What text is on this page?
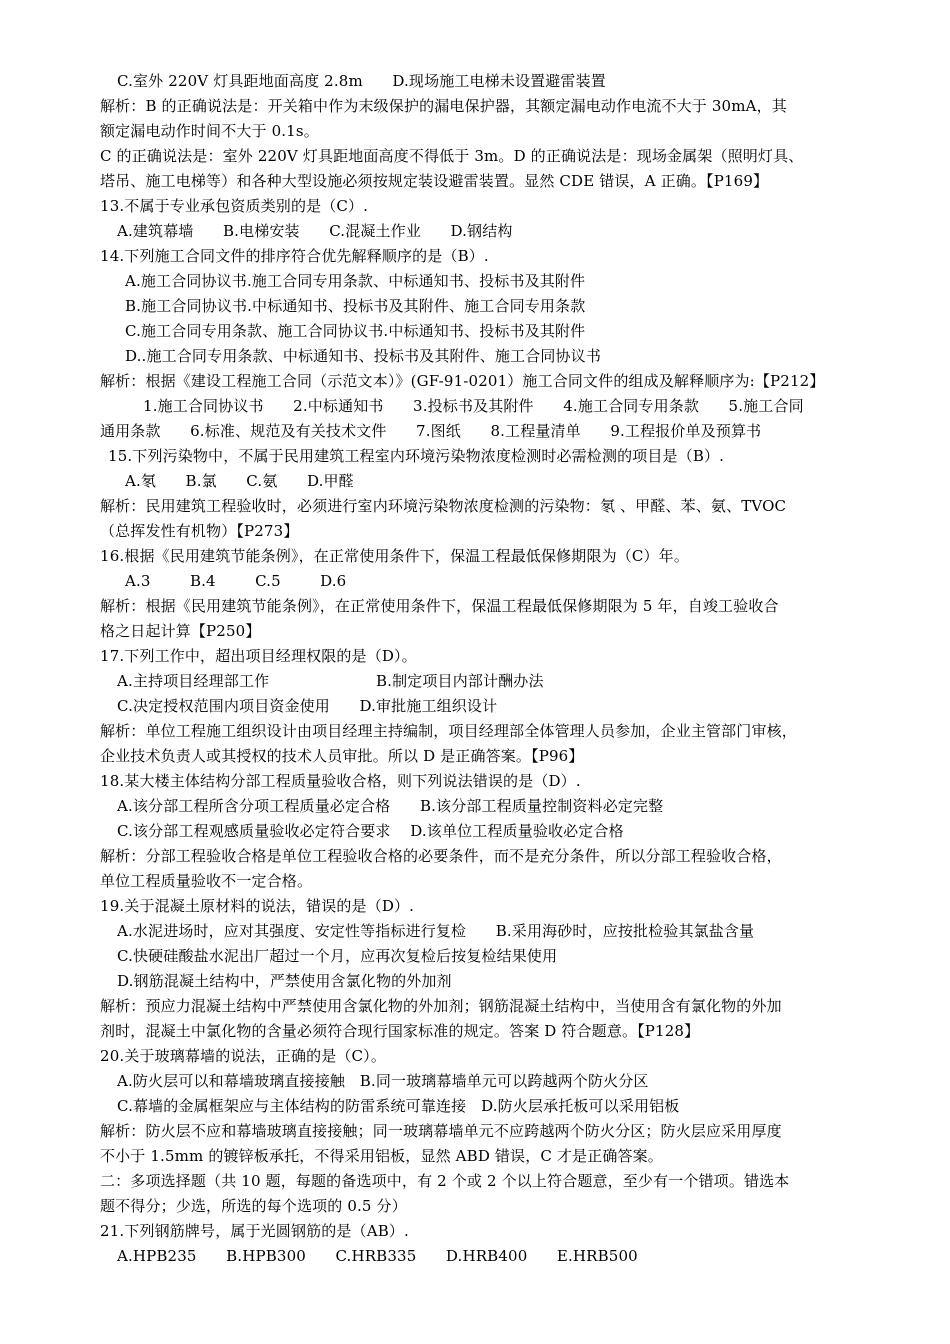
C.室外 220V 灯具距地面高度 2.8m      D.现场施工电梯未设置避雷装置
解析：B 的正确说法是：开关箱中作为末级保护的漏电保护器，其额定漏电动作电流不大于 30mA，其
额定漏电动作时间不大于 0.1s。
C 的正确说法是：室外 220V 灯具距地面高度不得低于 3m。D 的正确说法是：现场金属架（照明灯具、
塔吊、施工电梯等）和各种大型设施必须按规定装设避雷装置。显然 CDE 错误，A 正确。【P169】
13.不属于专业承包资质类别的是（C）.
A.建筑幕墙      B.电梯安装      C.混凝土作业      D.钢结构
14.下列施工合同文件的排序符合优先解释顺序的是（B）.
A.施工合同协议书.施工合同专用条款、中标通知书、投标书及其附件
B.施工合同协议书.中标通知书、投标书及其附件、施工合同专用条款
C.施工合同专用条款、施工合同协议书.中标通知书、投标书及其附件
D..施工合同专用条款、中标通知书、投标书及其附件、施工合同协议书
解析：根据《建设工程施工合同（示范文本）》(GF-91-0201）施工合同文件的组成及解释顺序为:【P212】
1.施工合同协议书      2.中标通知书      3.投标书及其附件      4.施工合同专用条款      5.施工合同
通用条款      6.标准、规范及有关技术文件      7.图纸      8.工程量清单      9.工程报价单及预算书
15.下列污染物中，不属于民用建筑工程室内环境污染物浓度检测时必需检测的项目是（B）.
A.氡      B.氯      C.氨      D.甲醛
解析：民用建筑工程验收时，必须进行室内环境污染物浓度检测的污染物：氡 、甲醛、苯、氨、TVOC
（总挥发性有机物）【P273】
16.根据《民用建筑节能条例》，在正常使用条件下，保温工程最低保修期限为（C）年。
A.3        B.4        C.5        D.6
解析：根据《民用建筑节能条例》，在正常使用条件下，保温工程最低保修期限为 5 年，自竣工验收合
格之日起计算【P250】
17.下列工作中，超出项目经理权限的是（D）。
A.主持项目经理部工作	B.制定项目内部计酬办法
C.决定授权范围内项目资金使用      D.审批施工组织设计
解析：单位工程施工组织设计由项目经理主持编制，项目经理部全体管理人员参加，企业主管部门审核，
企业技术负责人或其授权的技术人员审批。所以 D 是正确答案。【P96】
18.某大楼主体结构分部工程质量验收合格，则下列说法错误的是（D）.
A.该分部工程所含分项工程质量必定合格      B.该分部工程质量控制资料必定完整
C.该分部工程观感质量验收必定符合要求    D.该单位工程质量验收必定合格
解析：分部工程验收合格是单位工程验收合格的必要条件，而不是充分条件，所以分部工程验收合格，
单位工程质量验收不一定合格。
19.关于混凝土原材料的说法，错误的是（D）.
A.水泥进场时，应对其强度、安定性等指标进行复检      B.采用海砂时，应按批检验其氯盐含量
C.快硬硅酸盐水泥出厂超过一个月，应再次复检后按复检结果使用
D.钢筋混凝土结构中，严禁使用含氯化物的外加剂
解析：预应力混凝土结构中严禁使用含氯化物的外加剂；钢筋混凝土结构中，当使用含有氯化物的外加
剂时，混凝土中氯化物的含量必须符合现行国家标准的规定。答案 D 符合题意。【P128】
20.关于玻璃幕墙的说法，正确的是（C）。
A.防火层可以和幕墙玻璃直接接触   B.同一玻璃幕墙单元可以跨越两个防火分区
C.幕墙的金属框架应与主体结构的防雷系统可靠连接   D.防火层承托板可以采用铝板
解析：防火层不应和幕墙玻璃直接接触；同一玻璃幕墙单元不应跨越两个防火分区；防火层应采用厚度
不小于 1.5mm 的镀锌板承托，不得采用铝板，显然 ABD 错误，C 才是正确答案。
二：多项选择题（共 10 题，每题的备选项中，有 2 个或 2 个以上符合题意，至少有一个错项。错选本
题不得分；少选，所选的每个选项的 0.5 分）
21.下列钢筋牌号，属于光圆钢筋的是（AB）.
A.HPB235      B.HPB300      C.HRB335      D.HRB400      E.HRB500
